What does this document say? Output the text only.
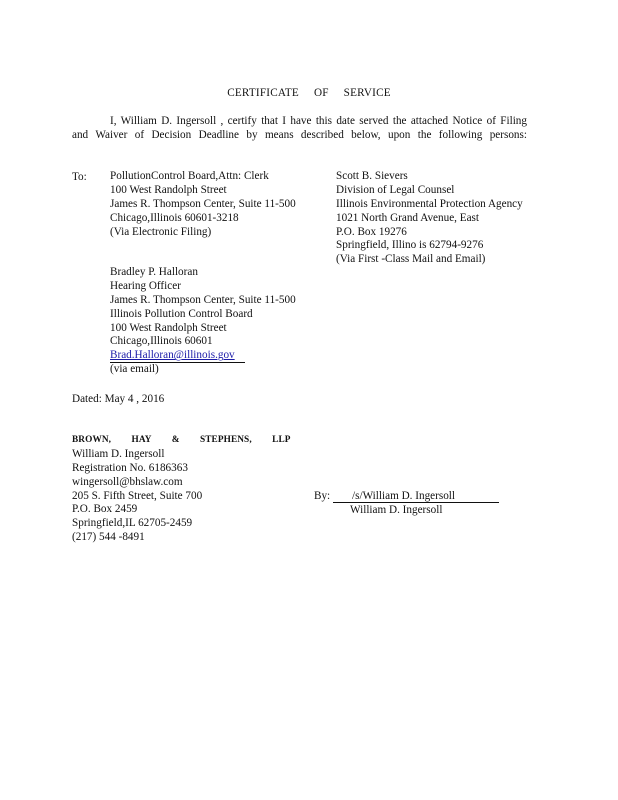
CERTIFICATE OF SERVICE
I, William D. Ingersoll , certify that I have this date served the attached Notice of Filing
and Waiver of Decision Deadline by means described below, upon the following persons:
To: PollutionControl Board,Attn: Clerk
100 West Randolph Street
James R. Thompson Center, Suite 11-500
Chicago,Illinois 60601-3218
(Via Electronic Filing)
Scott B. Sievers
Division of Legal Counsel
Illinois Environmental Protection Agency
1021 North Grand Avenue, East
P.O. Box 19276
Springfield, Illino is 62794-9276
(Via First -Class Mail and Email)
Bradley P. Halloran
Hearing Officer
James R. Thompson Center, Suite 11-500
Illinois Pollution Control Board
100 West Randolph Street
Chicago,Illinois 60601
Brad.Halloran@illinois.gov
(via email)
Dated: May 4 , 2016
BROWN, HAY & STEPHENS, LLP
William D. Ingersoll
Registration No. 6186363
wingersoll@bhslaw.com
205 S. Fifth Street, Suite 700
P.O. Box 2459
Springfield,IL 62705-2459
(217) 544 -8491
By: /s/William D. Ingersoll
William D. Ingersoll
